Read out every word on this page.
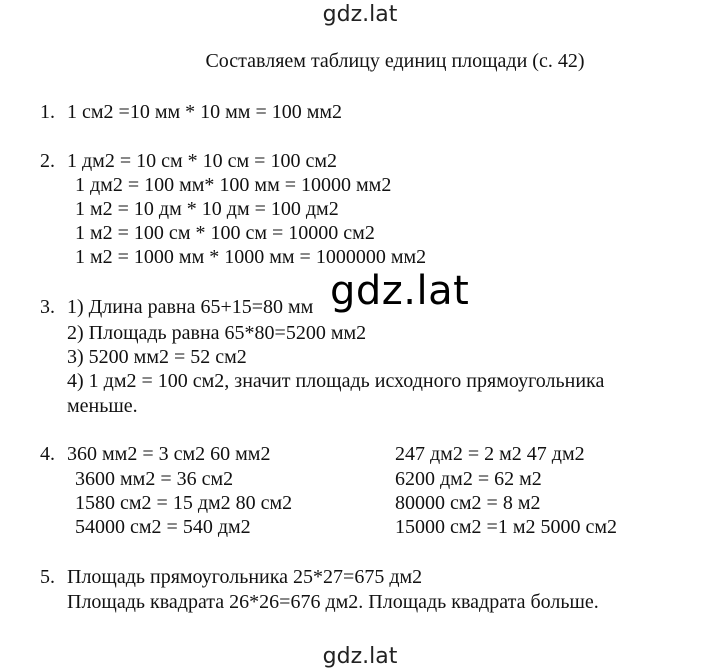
gdz.lat
Составляем таблицу единиц площади (с. 42)
1. 1 см2 =10 мм * 10 мм = 100 мм2
2. 1 дм2 = 10 см * 10 см = 100 см2
1 дм2 = 100 мм* 100 мм = 10000 мм2
1 м2 = 10 дм * 10 дм = 100 дм2
1 м2 = 100 см * 100 см = 10000 см2
1 м2 = 1000 мм * 1000 мм = 1000000 мм2
3. 1) Длина равна 65+15=80 мм
2) Площадь равна 65*80=5200 мм2
3) 5200 мм2 = 52 см2
4) 1 дм2 = 100 см2, значит площадь исходного прямоугольника
меньше.
gdz.lat
4. 360 мм2 = 3 см2 60 мм2
3600 мм2 = 36 см2
1580 см2 = 15 дм2 80 см2
54000 см2 = 540 дм2
247 дм2 = 2 м2 47 дм2
6200 дм2 = 62 м2
80000 см2 = 8 м2
15000 см2 =1 м2 5000 см2
5. Площадь прямоугольника 25*27=675 дм2
Площадь квадрата 26*26=676 дм2. Площадь квадрата больше.
gdz.lat
